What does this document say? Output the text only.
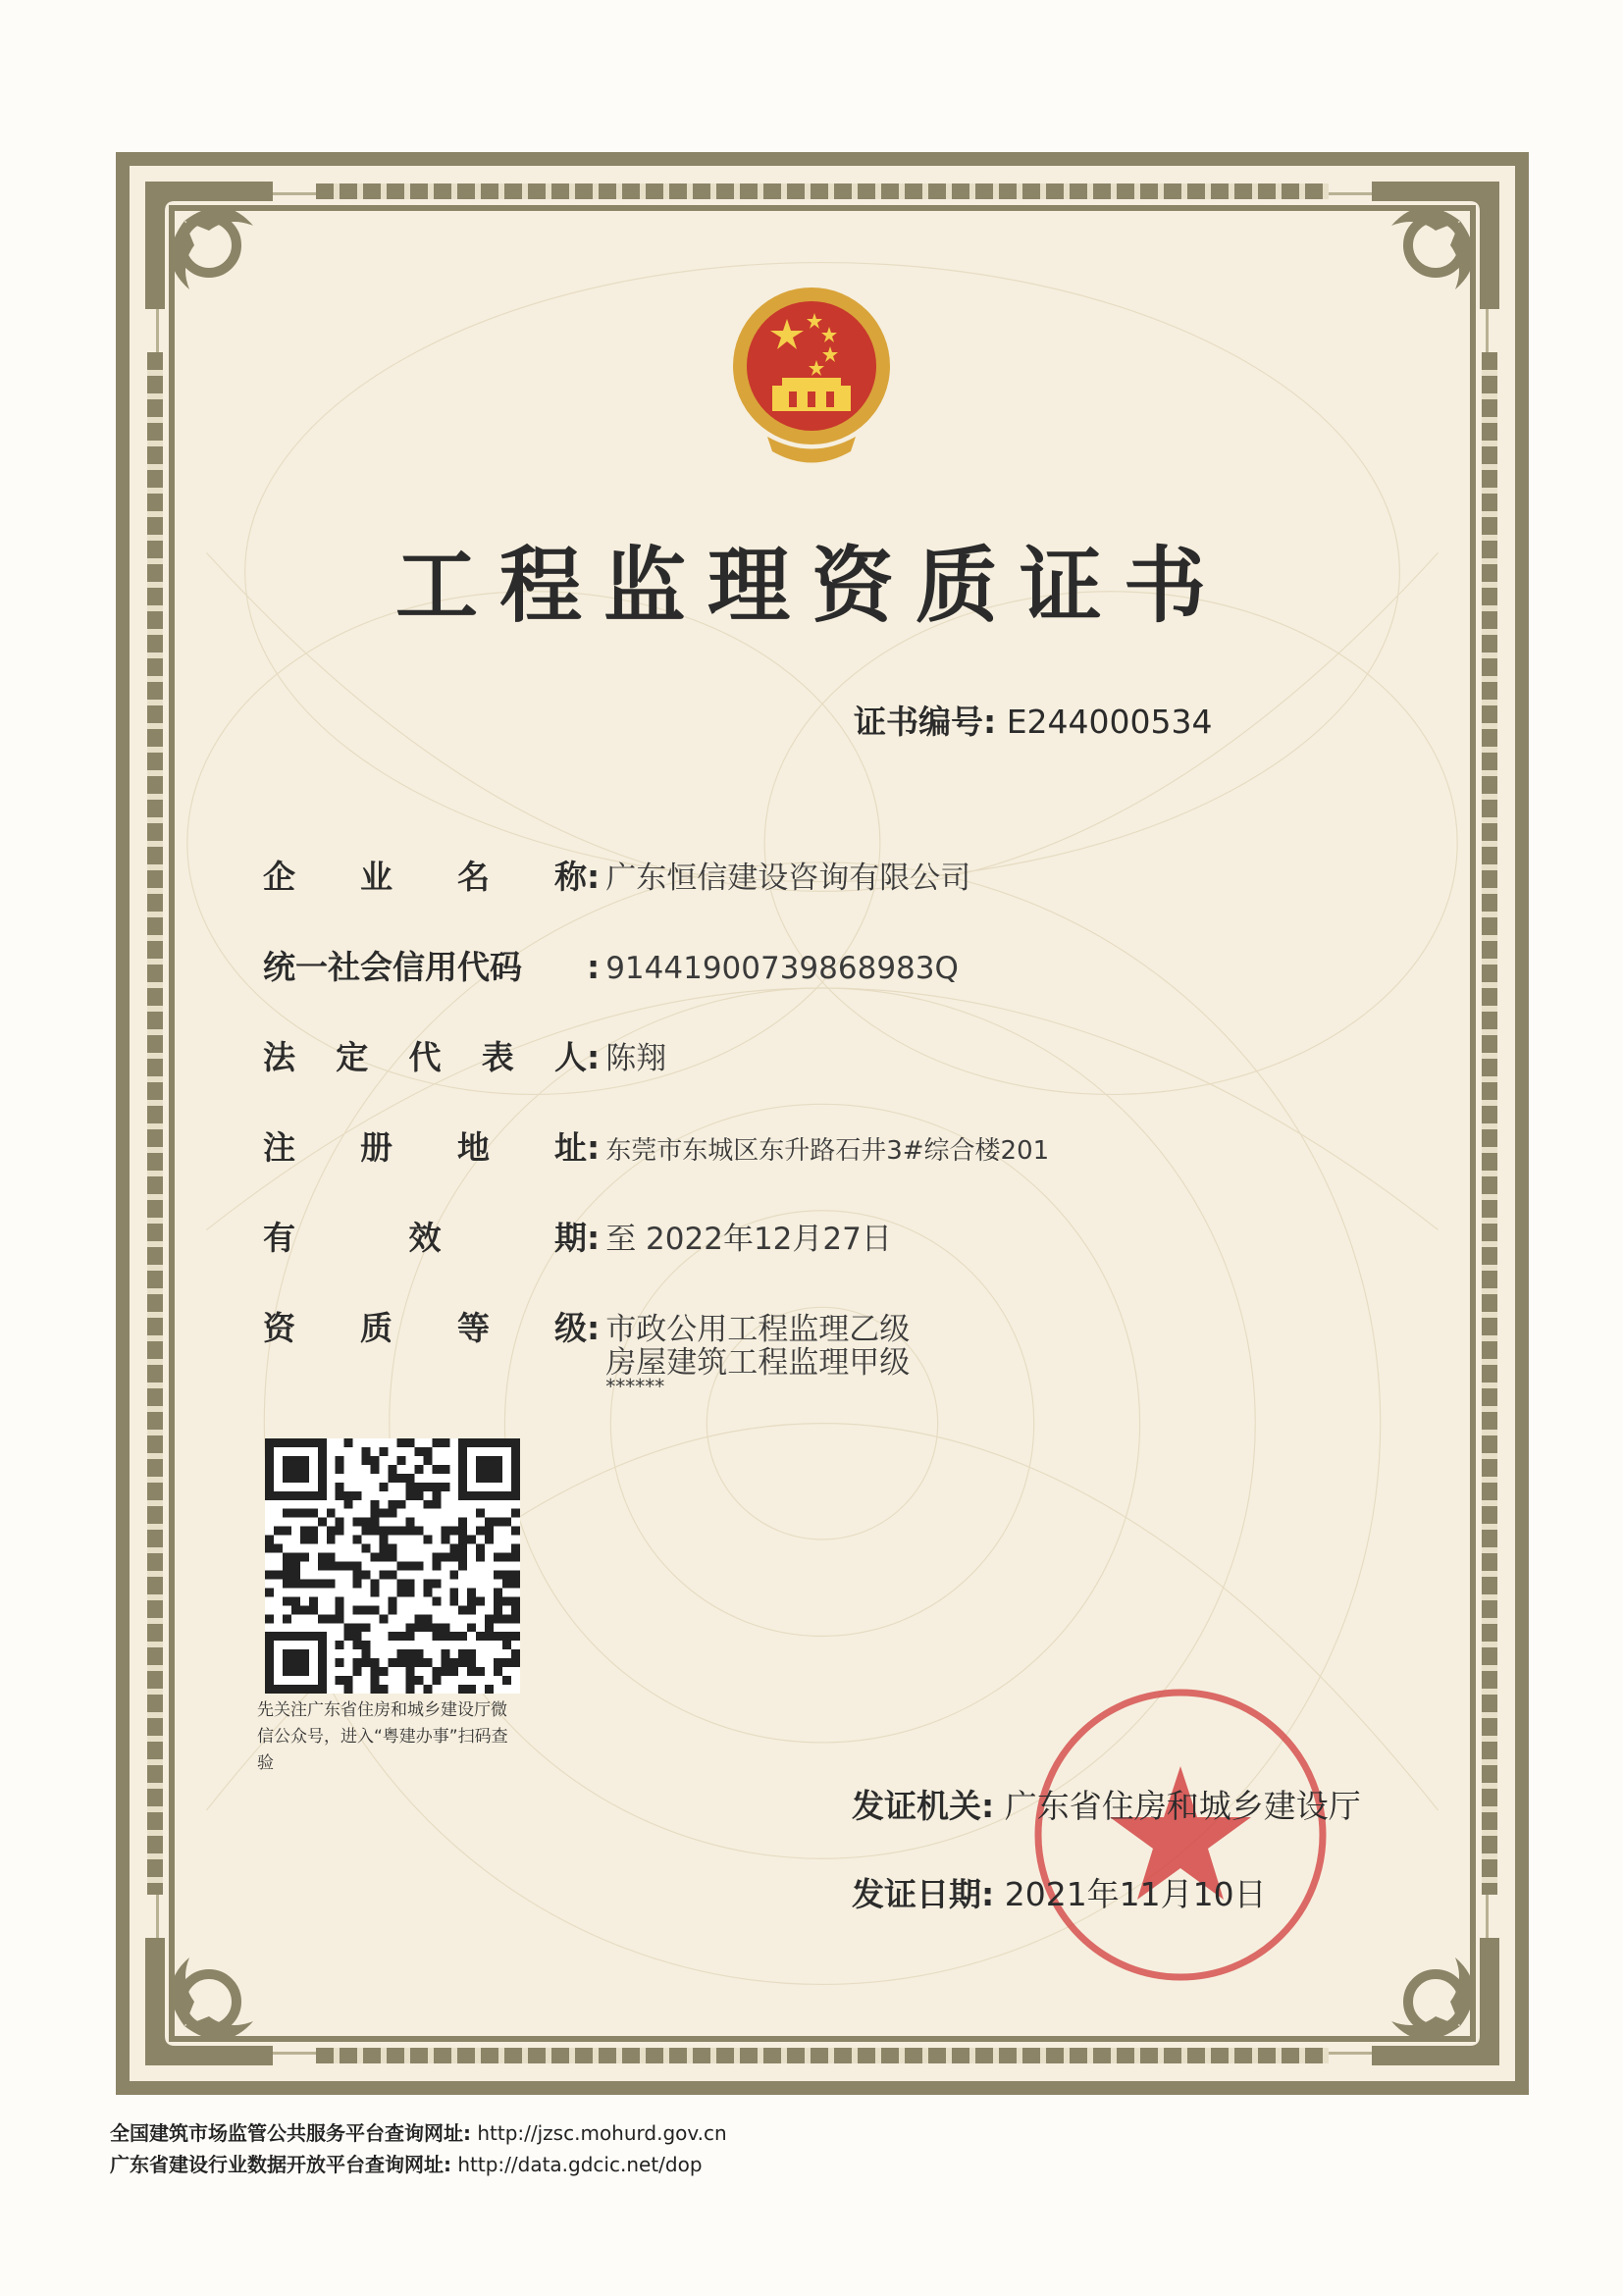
工程监理资质证书
证书编号: E244000534
企 业 名 称 : 广东恒信建设咨询有限公司
统一社会信用代码 : 91441900739868983Q
法 定 代 表 人 : 陈翔
注 册 地 址 : 东莞市东城区东升路石井3#综合楼201
有	效	期 : 至 2022年12月27日
资 质 等 级 : 市政公用工程监理乙级
房屋建筑工程监理甲级
******
先关注广东省住房和城乡建设厅微信公众号，进入“粤建办事”扫码查验
发证机关: 广东省住房和城乡建设厅
发证日期: 2021年11月10日
全国建筑市场监管公共服务平台查询网址: http://jzsc.mohurd.gov.cn
广东省建设行业数据开放平台查询网址: http://data.gdcic.net/dop
